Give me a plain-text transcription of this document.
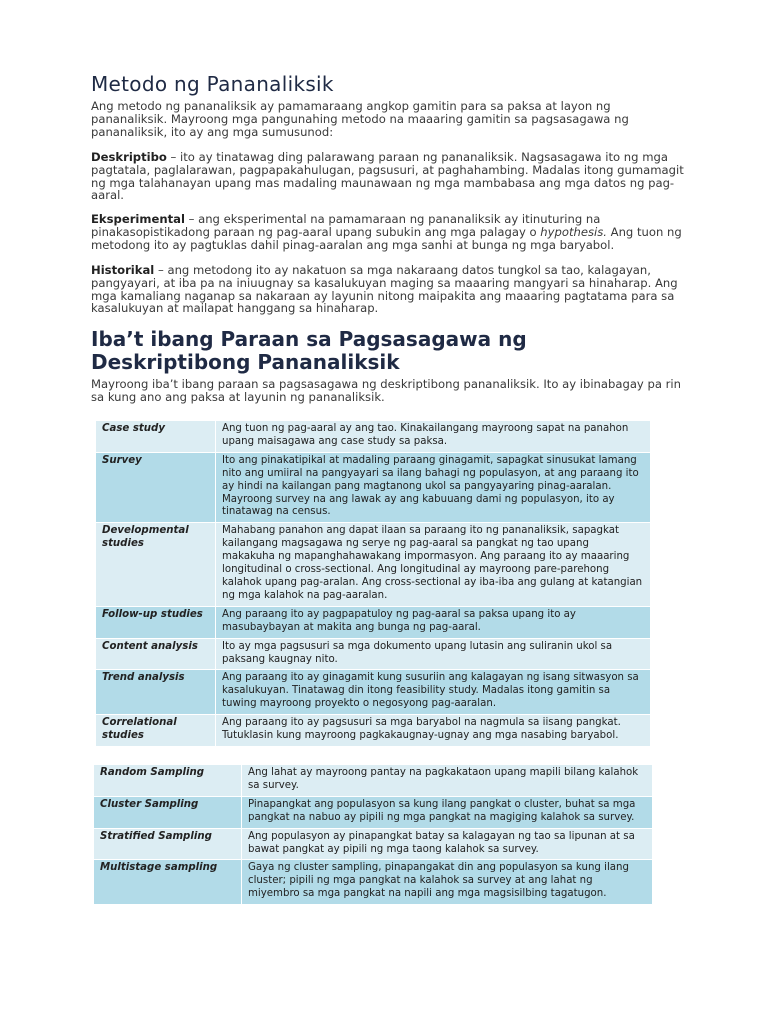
Metodo ng Pananaliksik

Ang metodo ng pananaliksik ay pamamaraang angkop gamitin para sa paksa at layon ng pananaliksik. Mayroong mga pangunahing metodo na maaaring gamitin sa pagsasagawa ng pananaliksik, ito ay ang mga sumusunod:

Deskriptibo – ito ay tinatawag ding palarawang paraan ng pananaliksik. Nagsasagawa ito ng mga pagtatala, paglalarawan, pagpapakahulugan, pagsusuri, at paghahambing. Madalas itong gumamagit ng mga talahanayan upang mas madaling maunawaan ng mga mambabasa ang mga datos ng pag-aaral.

Eksperimental – ang eksperimental na pamamaraan ng pananaliksik ay itinuturing na pinakasopistikadong paraan ng pag-aaral upang subukin ang mga palagay o hypothesis. Ang tuon ng metodong ito ay pagtuklas dahil pinag-aaralan ang mga sanhi at bunga ng mga baryabol.

Historikal – ang metodong ito ay nakatuon sa mga nakaraang datos tungkol sa tao, kalagayan, pangyayari, at iba pa na iniuugnay sa kasalukuyan maging sa maaaring mangyari sa hinaharap. Ang mga kamaliang naganap sa nakaraan ay layunin nitong maipakita ang maaaring pagtatama para sa kasalukuyan at mailapat hanggang sa hinaharap.

Iba’t ibang Paraan sa Pagsasagawa ng Deskriptibong Pananaliksik

Mayroong iba’t ibang paraan sa pagsasagawa ng deskriptibong pananaliksik. Ito ay ibinabagay pa rin sa kung ano ang paksa at layunin ng pananaliksik.

Case study	Ang tuon ng pag-aaral ay ang tao. Kinakailangang mayroong sapat na panahon upang maisagawa ang case study sa paksa.
Survey	Ito ang pinakatipikal at madaling paraang ginagamit, sapagkat sinusukat lamang nito ang umiiral na pangyayari sa ilang bahagi ng populasyon, at ang paraang ito ay hindi na kailangan pang magtanong ukol sa pangyayaring pinag-aaralan. Mayroong survey na ang lawak ay ang kabuuang dami ng populasyon, ito ay tinatawag na census.
Developmental studies	Mahabang panahon ang dapat ilaan sa paraang ito ng pananaliksik, sapagkat kailangang magsagawa ng serye ng pag-aaral sa pangkat ng tao upang makakuha ng mapanghahawakang impormasyon. Ang paraang ito ay maaaring longitudinal o cross-sectional. Ang longitudinal ay mayroong pare-parehong kalahok upang pag-aralan. Ang cross-sectional ay iba-iba ang gulang at katangian ng mga kalahok na pag-aaralan.
Follow-up studies	Ang paraang ito ay pagpapatuloy ng pag-aaral sa paksa upang ito ay masubaybayan at makita ang bunga ng pag-aaral.
Content analysis	Ito ay mga pagsusuri sa mga dokumento upang lutasin ang suliranin ukol sa paksang kaugnay nito.
Trend analysis	Ang paraang ito ay ginagamit kung susuriin ang kalagayan ng isang sitwasyon sa kasalukuyan. Tinatawag din itong feasibility study. Madalas itong gamitin sa tuwing mayroong proyekto o negosyong pag-aaralan.
Correlational studies	Ang paraang ito ay pagsusuri sa mga baryabol na nagmula sa iisang pangkat. Tutuklasin kung mayroong pagkakaugnay-ugnay ang mga nasabing baryabol.
Random Sampling	Ang lahat ay mayroong pantay na pagkakataon upang mapili bilang kalahok sa survey.
Cluster Sampling	Pinapangkat ang populasyon sa kung ilang pangkat o cluster, buhat sa mga pangkat na nabuo ay pipili ng mga pangkat na magiging kalahok sa survey.
Stratified Sampling	Ang populasyon ay pinapangkat batay sa kalagayan ng tao sa lipunan at sa bawat pangkat ay pipili ng mga taong kalahok sa survey.
Multistage sampling	Gaya ng cluster sampling, pinapangakat din ang populasyon sa kung ilang cluster; pipili ng mga pangkat na kalahok sa survey at ang lahat ng miyembro sa mga pangkat na napili ang mga magsisilbing tagatugon.
